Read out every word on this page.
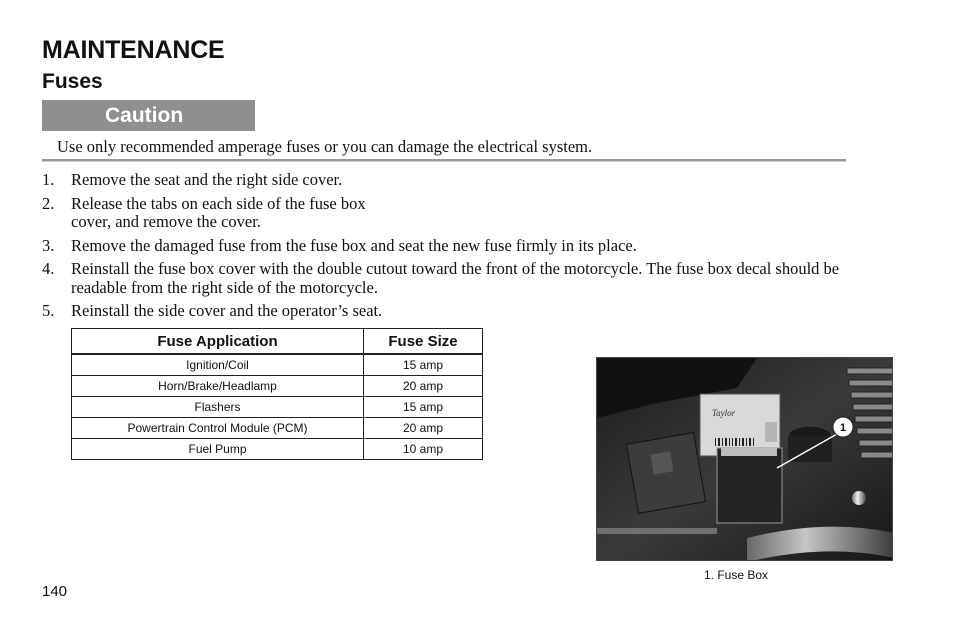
MAINTENANCE
Fuses
Caution
Use only recommended amperage fuses or you can damage the electrical system.
1. Remove the seat and the right side cover.
2. Release the tabs on each side of the fuse box
cover, and remove the cover.
3. Remove the damaged fuse from the fuse box and seat the new fuse firmly in its place.
4. Reinstall the fuse box cover with the double cutout toward the front of the motorcycle. The fuse box decal should be readable from the right side of the motorcycle.
5. Reinstall the side cover and the operator’s seat.
Fuse Application	Fuse Size
Ignition/Coil	15 amp
Horn/Brake/Headlamp	20 amp
Flashers	15 amp
Powertrain Control Module (PCM)	20 amp
Fuel Pump	10 amp
Taylor
1
1. Fuse Box
140
